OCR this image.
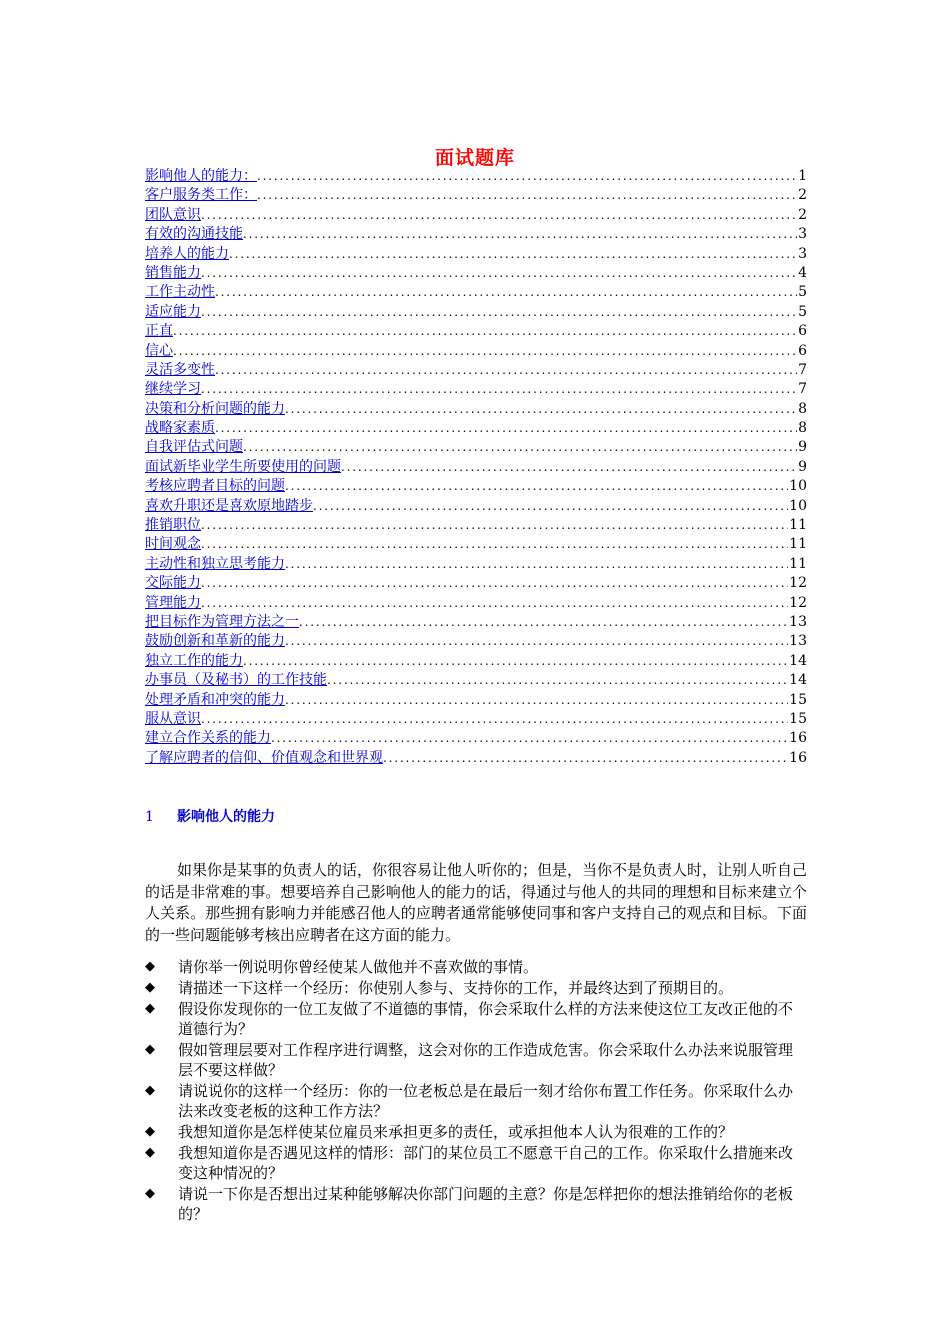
面试题库
影响他人的能力： . . .	1
客户服务类工作： . . .	2
团队意识 . . .	2
有效的沟通技能 . . .	3
培养人的能力 . . .	3
销售能力 . . .	4
工作主动性 . . .	5
适应能力 . . .	5
正直 . . .	6
信心 . . .	6
灵活多变性 . . .	7
继续学习 . . .	7
决策和分析问题的能力 . . .	8
战略家素质 . . .	8
自我评估式问题 . . .	9
面试新毕业学生所要使用的问题 . . .	9
考核应聘者目标的问题 . . .	10
喜欢升职还是喜欢原地踏步 . . .	10
推销职位 . . .	11
时间观念 . . .	11
主动性和独立思考能力 . . .	11
交际能力 . . .	12
管理能力 . . .	12
把目标作为管理方法之一 . . .	13
鼓励创新和革新的能力 . . .	13
独立工作的能力 . . .	14
办事员（及秘书）的工作技能 . . .	14
处理矛盾和冲突的能力 . . .	15
服从意识 . . .	15
建立合作关系的能力 . . .	16
了解应聘者的信仰、价值观念和世界观 . . .	16
1 影响他人的能力

如果你是某事的负责人的话，你很容易让他人听你的；但是，当你不是负责人时，让别人听自己的话是非常难的事。想要培养自己影响他人的能力的话，得通过与他人的共同的理想和目标来建立个人关系。那些拥有影响力并能感召他人的应聘者通常能够使同事和客户支持自己的观点和目标。下面的一些问题能够考核出应聘者在这方面的能力。

◆	请你举一例说明你曾经使某人做他并不喜欢做的事情。
◆	请描述一下这样一个经历：你使别人参与、支持你的工作，并最终达到了预期目的。
◆	假设你发现你的一位工友做了不道德的事情，你会采取什么样的方法来使这位工友改正他的不道德行为？
◆	假如管理层要对工作程序进行调整，这会对你的工作造成危害。你会采取什么办法来说服管理层不要这样做？
◆	请说说你的这样一个经历：你的一位老板总是在最后一刻才给你布置工作任务。你采取什么办法来改变老板的这种工作方法？
◆	我想知道你是怎样使某位雇员来承担更多的责任，或承担他本人认为很难的工作的？
◆	我想知道你是否遇见这样的情形：部门的某位员工不愿意干自己的工作。你采取什么措施来改变这种情况的？
◆	请说一下你是否想出过某种能够解决你部门问题的主意？你是怎样把你的想法推销给你的老板的？
